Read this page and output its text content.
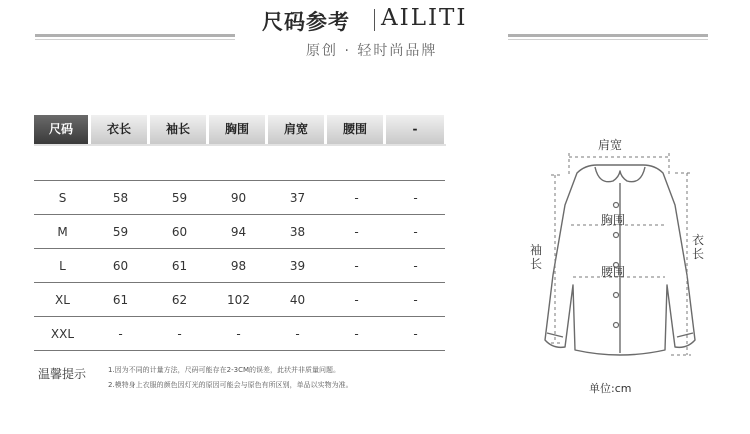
尺码参考 AILITI
原创 · 轻时尚品牌
尺码	衣长	袖长	胸围	肩宽	腰围	-
S	58	59	90	37	-	-
M	59	60	94	38	-	-
L	60	61	98	39	-	-
XL	61	62	102	40	-	-
XXL	-	-	-	-	-	-
温馨提示	1.因为不同的计量方法，尺码可能存在2-3CM的误差，此状并非质量问题。
2.模特身上衣服的颜色因灯光的原因可能会与原色有所区别，单品以实物为准。
肩宽
胸围
腰围
袖长
衣长
单位:cm
